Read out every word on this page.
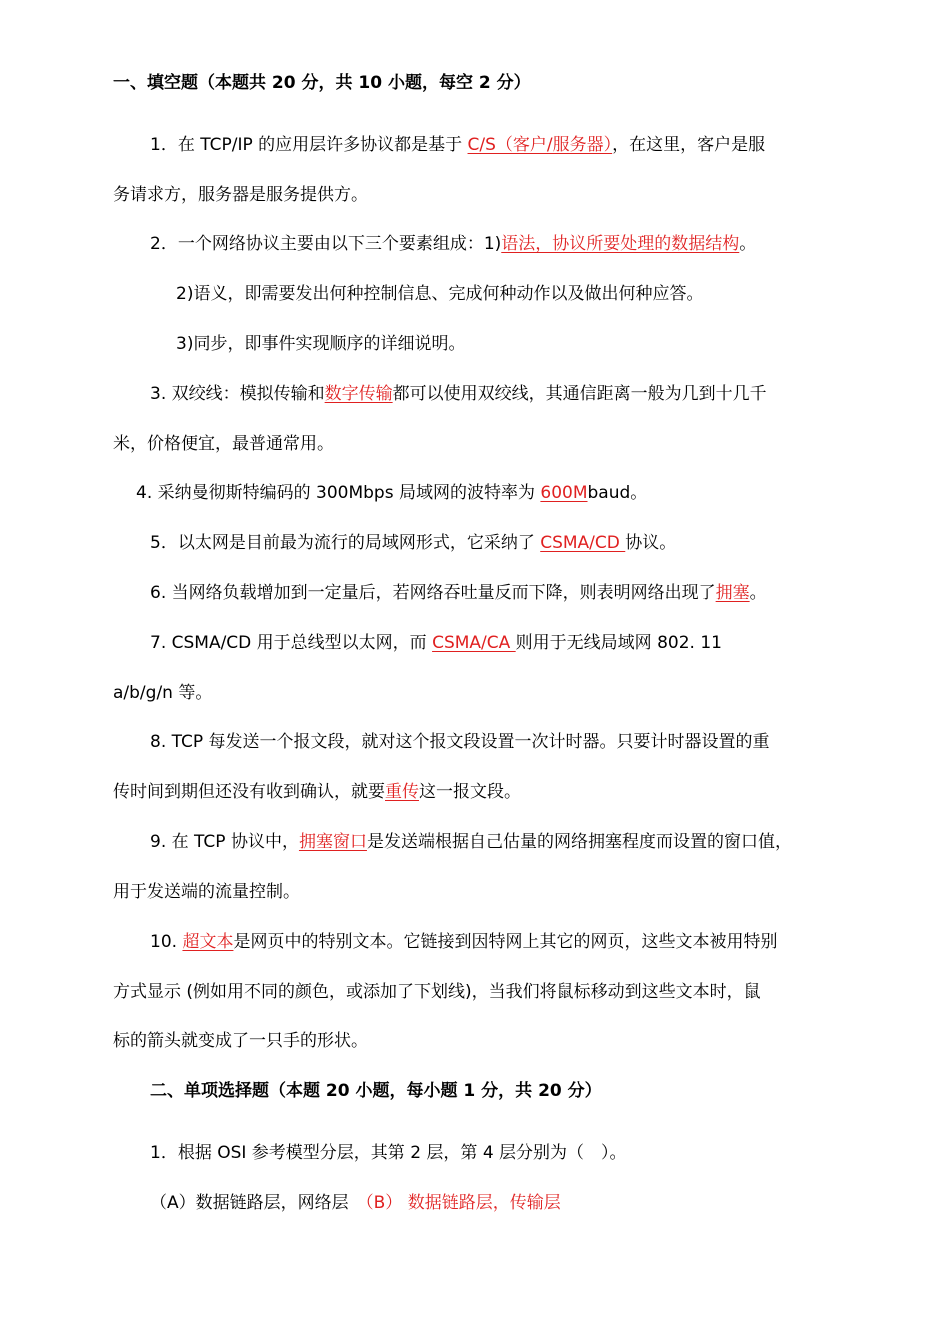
一、填空题（本题共 20 分，共 10 小题，每空 2 分）
1．在 TCP/IP 的应用层许多协议都是基于 C/S（客户/服务器），在这里，客户是服
务请求方，服务器是服务提供方。
2．一个网络协议主要由以下三个要素组成：1)语法，协议所要处理的数据结构。
2)语义，即需要发出何种控制信息、完成何种动作以及做出何种应答。
3)同步，即事件实现顺序的详细说明。
3. 双绞线：模拟传输和数字传输都可以使用双绞线，其通信距离一般为几到十几千
米，价格便宜，最普通常用。
4. 采纳曼彻斯特编码的 300Mbps 局域网的波特率为 600Mbaud。
5．以太网是目前最为流行的局域网形式，它采纳了 CSMA/CD 协议。
6. 当网络负载增加到一定量后，若网络吞吐量反而下降，则表明网络出现了拥塞。
7. CSMA/CD 用于总线型以太网，而 CSMA/CA 则用于无线局域网 802. 11
a/b/g/n 等。
8. TCP 每发送一个报文段，就对这个报文段设置一次计时器。只要计时器设置的重
传时间到期但还没有收到确认，就要重传这一报文段。
9. 在 TCP 协议中，拥塞窗口是发送端根据自己估量的网络拥塞程度而设置的窗口值，
用于发送端的流量控制。
10. 超文本是网页中的特别文本。它链接到因特网上其它的网页，这些文本被用特别
方式显示 (例如用不同的颜色，或添加了下划线)，当我们将鼠标移动到这些文本时，鼠
标的箭头就变成了一只手的形状。
二、单项选择题（本题 20 小题，每小题 1 分，共 20 分）
1．根据 OSI 参考模型分层，其第 2 层，第 4 层分别为（　）。
（A）数据链路层，网络层 （B） 数据链路层，传输层
